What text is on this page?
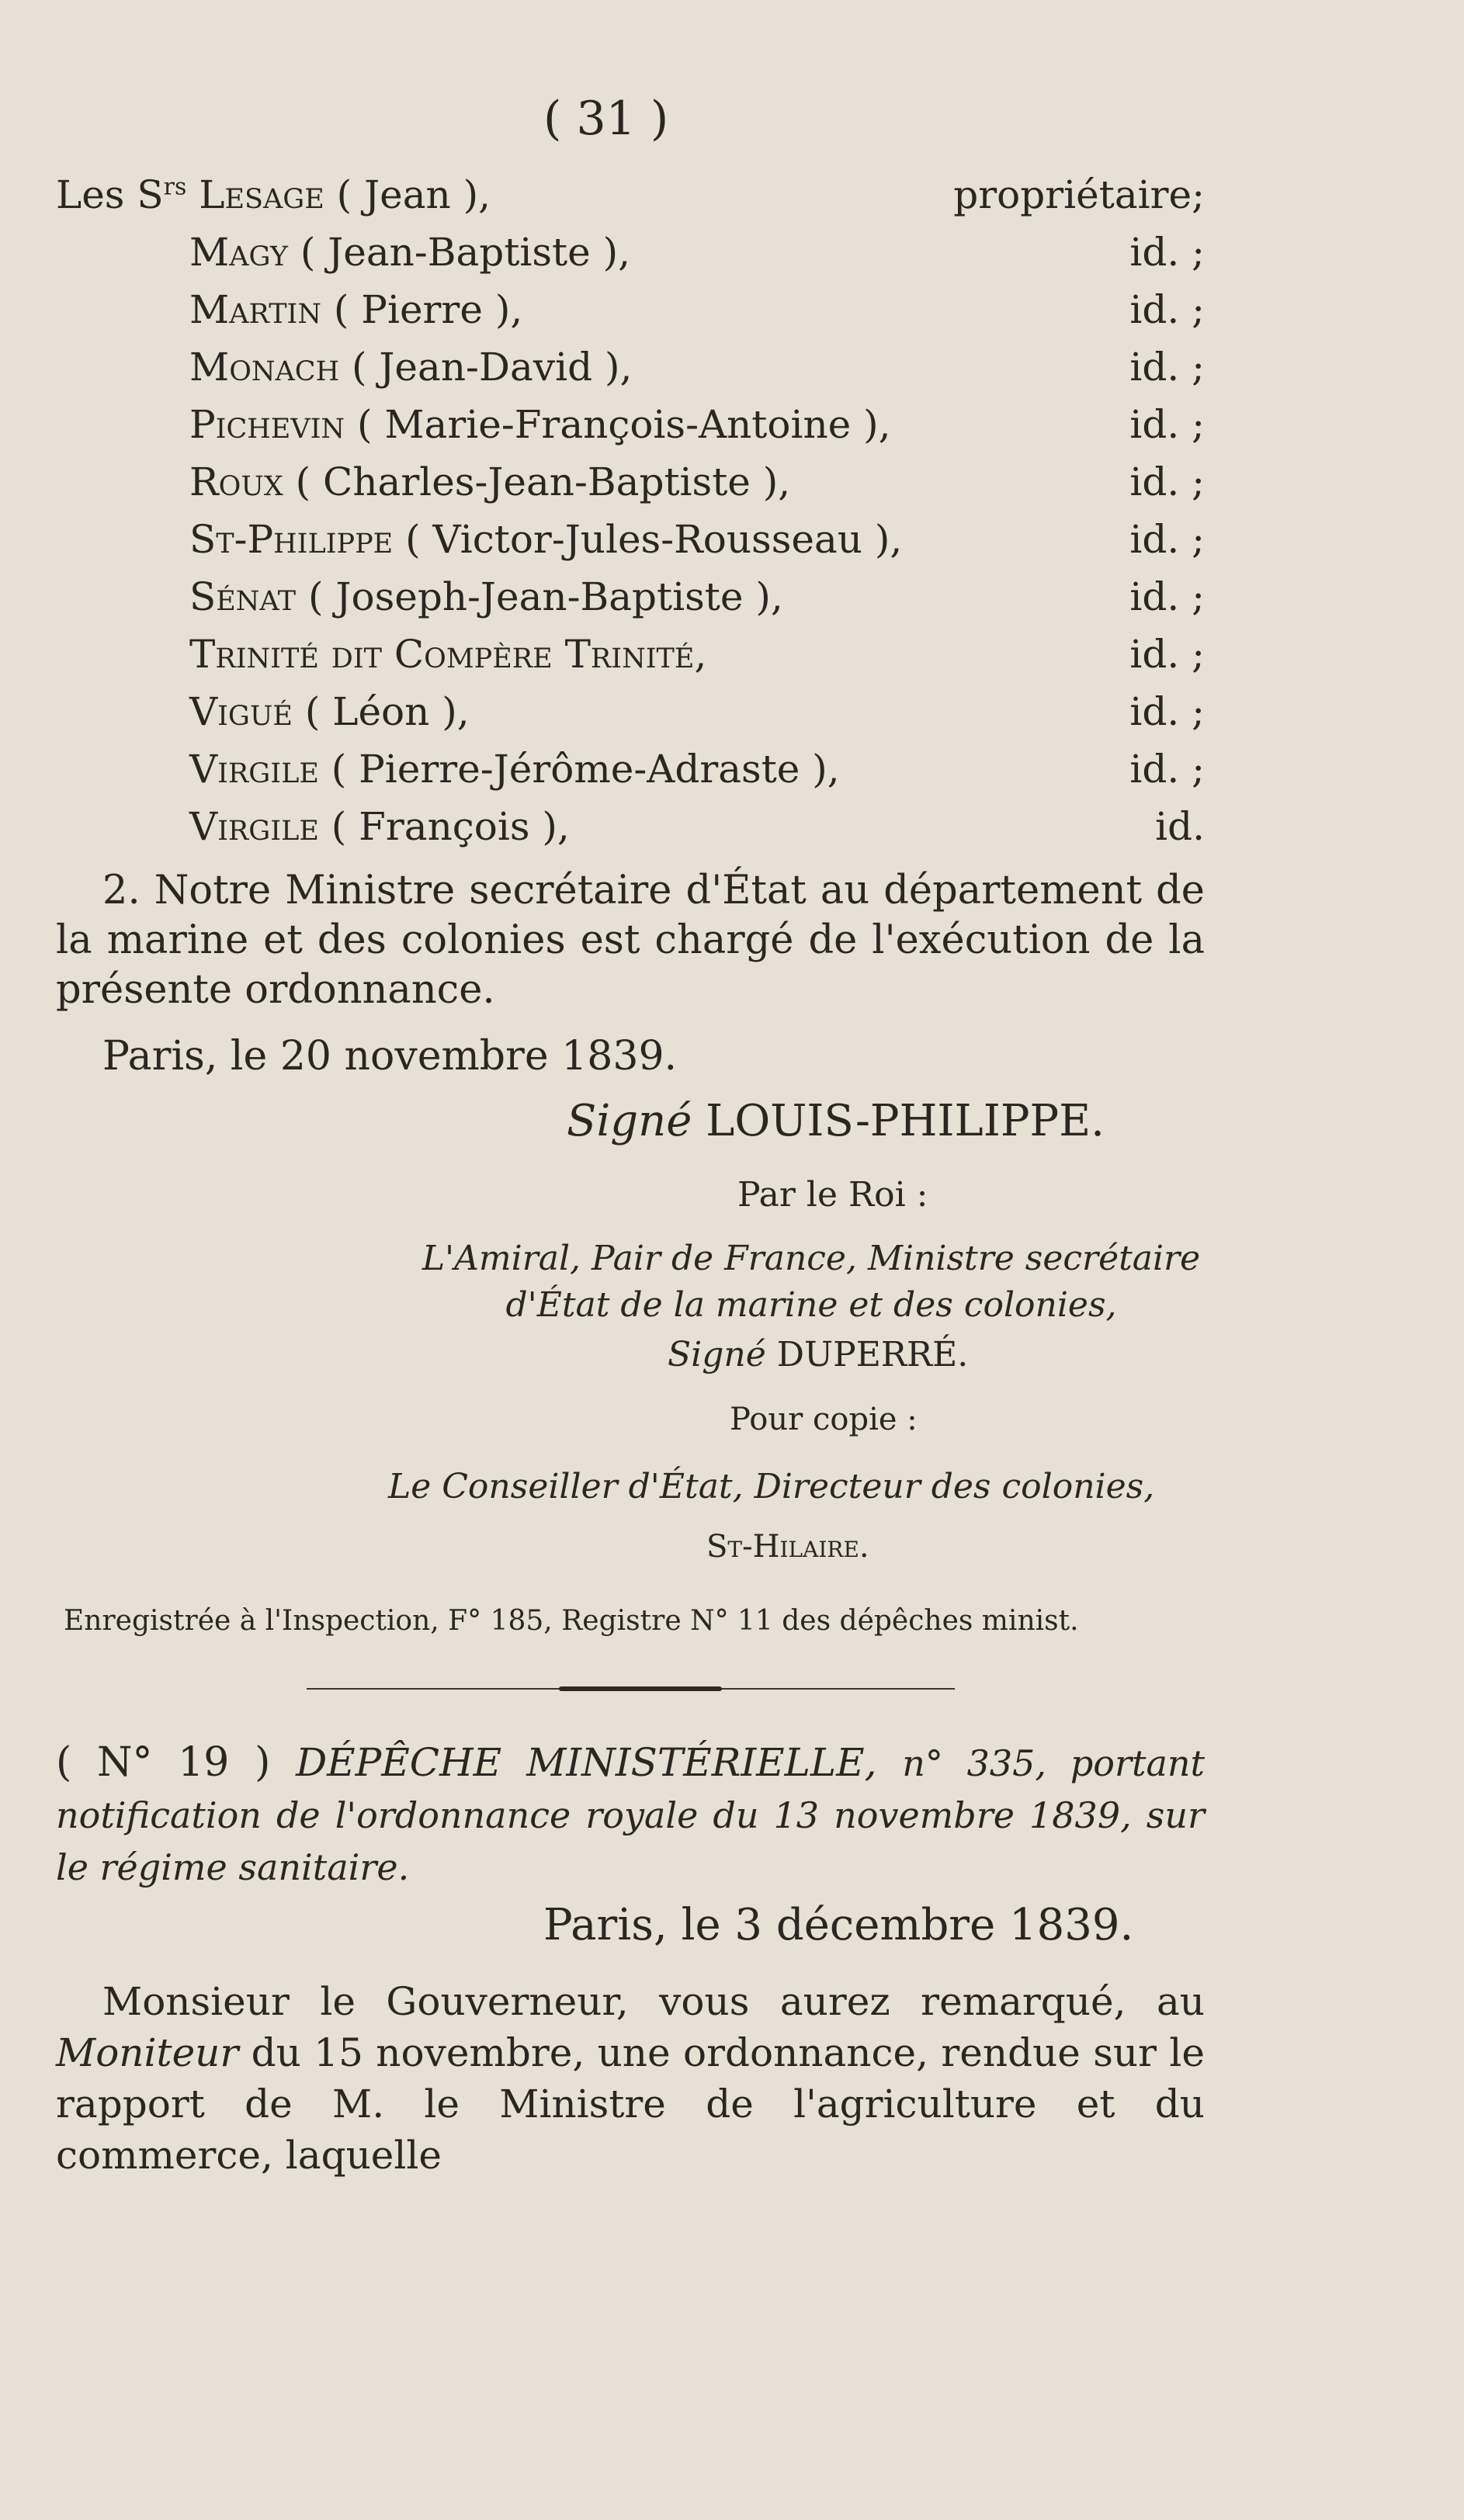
( 31 )
Les $S^{rs}$ Lesage ( Jean ),	propriétaire;
Magy ( Jean-Baptiste ),	id. ;
Martin ( Pierre ),	id. ;
Monach ( Jean-David ),	id. ;
Pichevin ( Marie-François-Antoine ),	id. ;
Roux ( Charles-Jean-Baptiste ),	id. ;
St-Philippe ( Victor-Jules-Rousseau ),	id. ;
Sénat ( Joseph-Jean-Baptiste ),	id. ;
Trinité dit Compère Trinité,	id. ;
Vigué ( Léon ),	id. ;
Virgile ( Pierre-Jérôme-Adraste ),	id. ;
Virgile ( François ),	id.
2. Notre Ministre secrétaire d'État au département de la marine et des colonies est chargé de l'exécution de la présente ordonnance.
Paris, le 20 novembre 1839.
Signé LOUIS-PHILIPPE.
Par le Roi :
L'Amiral, Pair de France, Ministre secrétaire
d'État de la marine et des colonies,
Signé DUPERRÉ.
Pour copie :
Le Conseiller d'État, Directeur des colonies,
St-Hilaire.
Enregistrée à l'Inspection, F° 185, Registre N° 11 des dépêches minist.
( N° 19 ) DÉPÊCHE MINISTÉRIELLE, n° 335, portant notification de l'ordonnance royale du 13 novembre 1839, sur le régime sanitaire.
Paris, le 3 décembre 1839.
Monsieur le Gouverneur, vous aurez remarqué, au Moniteur du 15 novembre, une ordonnance, rendue sur le rapport de M. le Ministre de l'agriculture et du commerce, laquelle
